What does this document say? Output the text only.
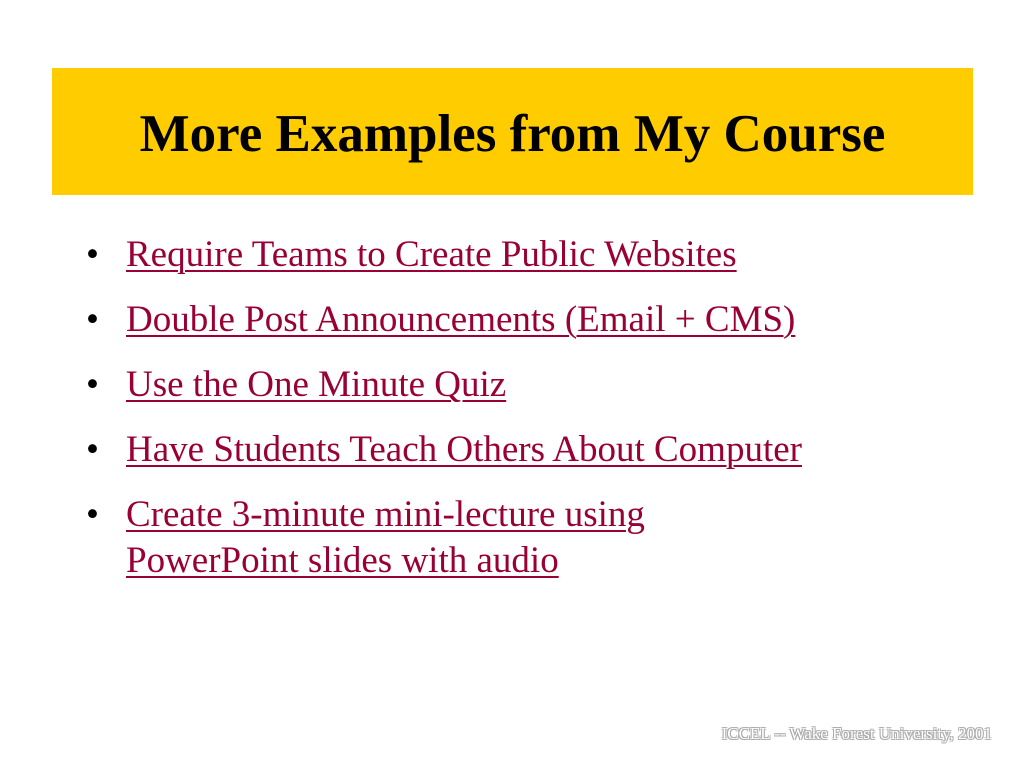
More Examples from My Course
• Require Teams to Create Public Websites
• Double Post Announcements (Email + CMS)
• Use the One Minute Quiz
• Have Students Teach Others About Computer
• Create 3-minute mini-lecture using PowerPoint slides with audio
ICCEL -- Wake Forest University, 2001
